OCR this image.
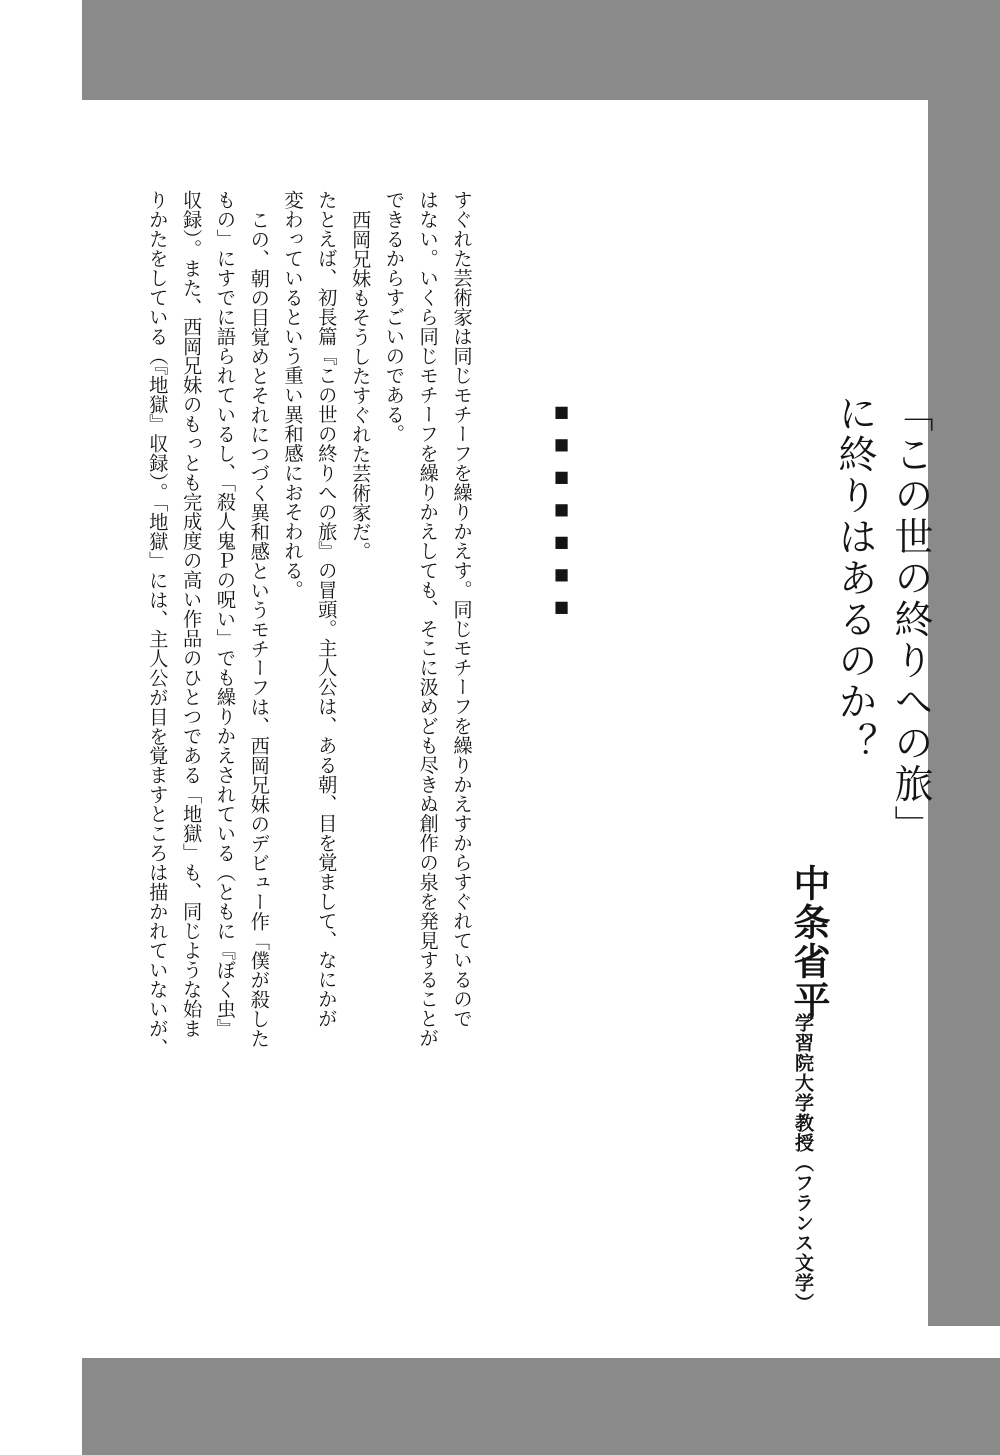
「この世の終りへの旅」
に終りはあるのか？
中条省平
学習院大学教授（フランス文学）
■■■■■■■
すぐれた芸術家は同じモチーフを繰りかえす。同じモチーフを繰りかえすからすぐれているので
はない。いくら同じモチーフを繰りかえしても、そこに汲めども尽きぬ創作の泉を発見することが
できるからすごいのである。
西岡兄妹もそうしたすぐれた芸術家だ。
たとえば、初長篇『この世の終りへの旅』の冒頭。主人公は、ある朝、目を覚まして、なにかが
変わっているという重い異和感におそわれる。
この、朝の目覚めとそれにつづく異和感というモチーフは、西岡兄妹のデビュー作「僕が殺した
もの」にすでに語られているし、「殺人鬼Ｐの呪い」でも繰りかえされている（ともに『ぼく虫』
収録）。また、西岡兄妹のもっとも完成度の高い作品のひとつである「地獄」も、同じような始ま
りかたをしている（『地獄』収録）。「地獄」には、主人公が目を覚ますところは描かれていないが、
